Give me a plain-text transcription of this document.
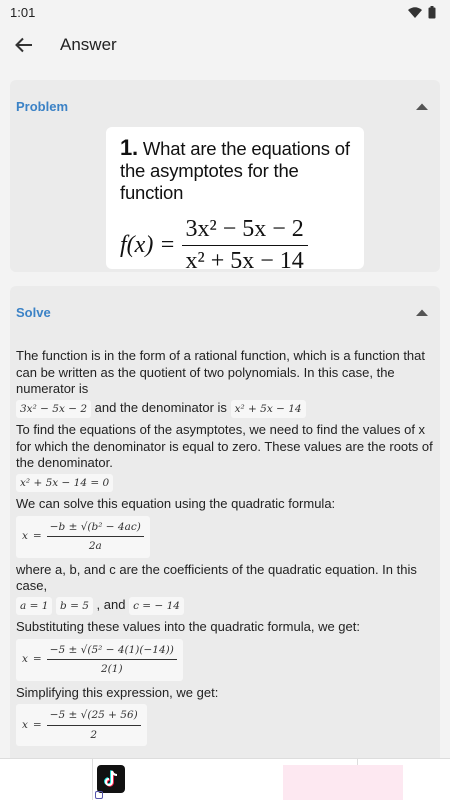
1:01
Answer
Problem
1. What are the equations of the asymptotes for the function
$f(x) = \frac{\text{3x² − 5x − 2}}{\text{x² + 5x − 14}}$
Solve

The function is in the form of a rational function, which is a function that can be written as the quotient of two polynomials. In this case, the numerator is

3x² − 5x − 2 and the denominator is x² + 5x − 14

To find the equations of the asymptotes, we need to find the values of x for which the denominator is equal to zero. These values are the roots of the denominator.

x² + 5x − 14 = 0

We can solve this equation using the quadratic formula:

$x = \frac{\text{−b ± √(b² − 4ac)}}{2a}$

where a, b, and c are the coefficients of the quadratic equation. In this case,

a = 1 b = 5 , and c = − 14

Substituting these values into the quadratic formula, we get:

$x = \frac{\text{−5 ± √(5² − 4(1)(−14))}}{2(1)}$

Simplifying this expression, we get:

$x = \frac{-5 \pm √(25 + 56)}{2}$
